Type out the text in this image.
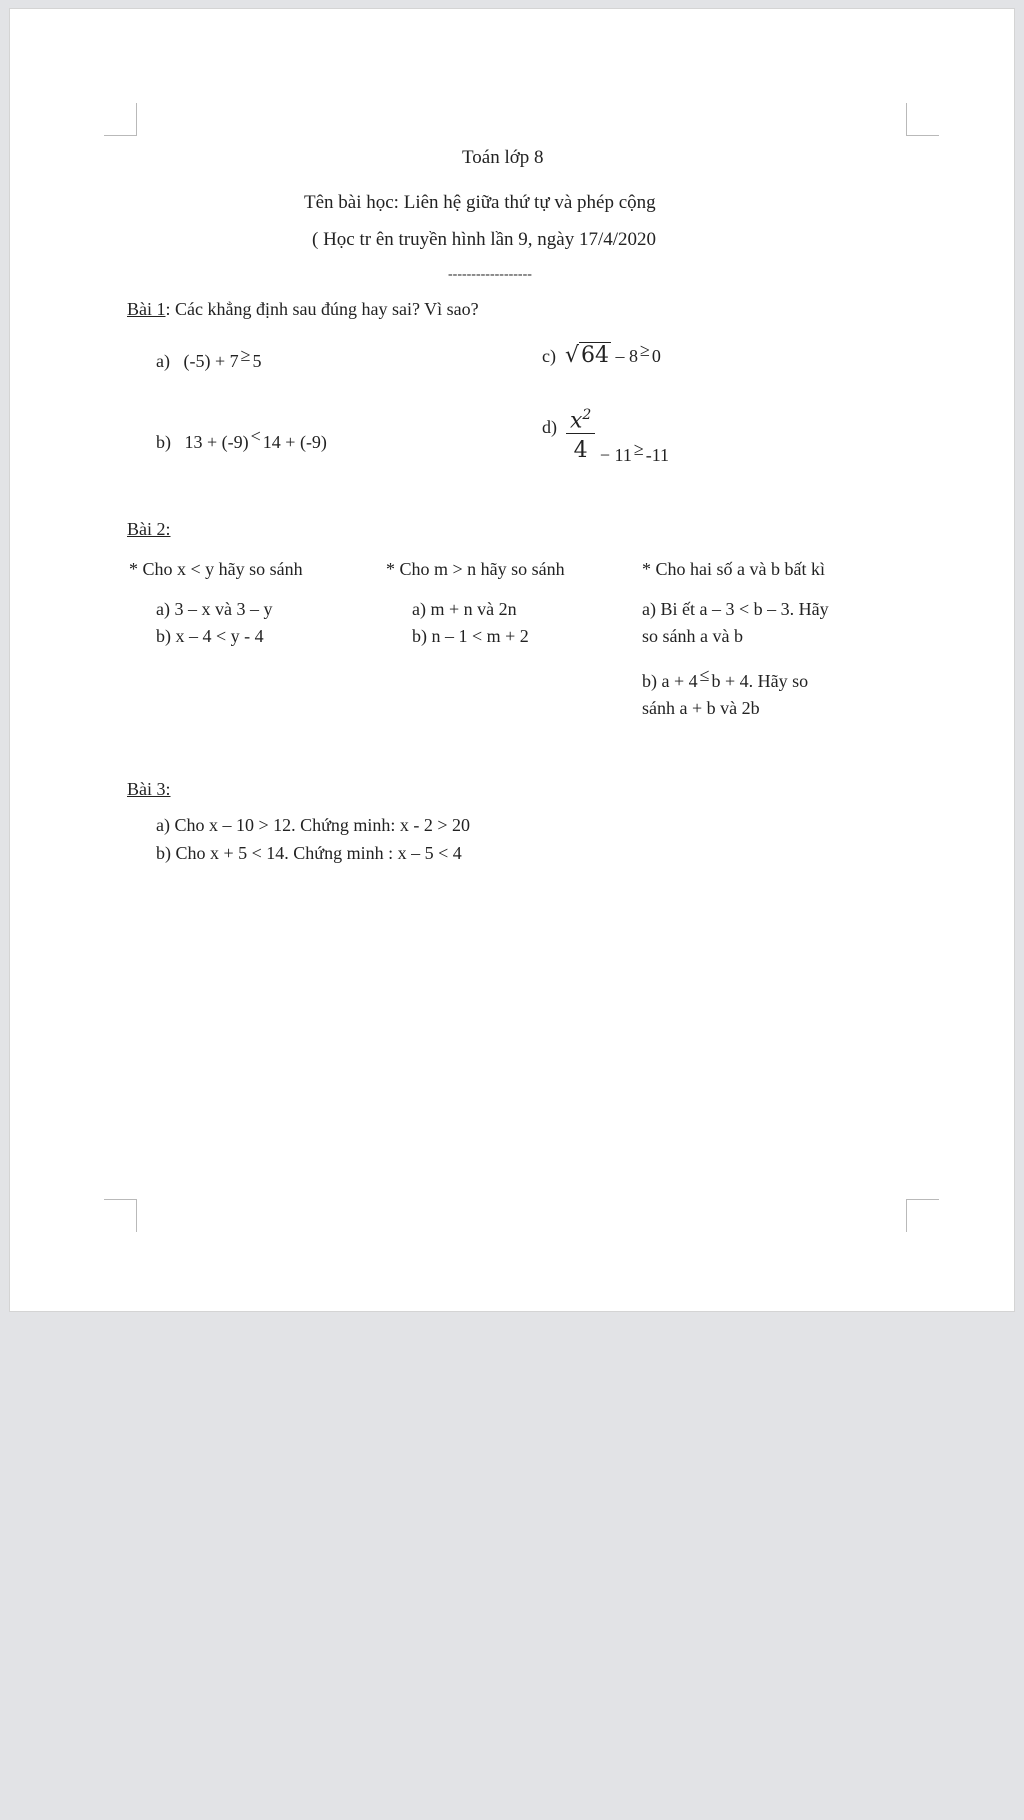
Toán lớp 8
Tên bài học: Liên hệ giữa thứ tự và phép cộng
( Học tr ên truyền hình lần 9, ngày 17/4/2020
------------------
Bài 1: Các khẳng định sau đúng hay sai? Vì sao?
a) (-5) + 7 ≥ 5
b) 13 + (-9) < 14 + (-9)
c) √64 – 8 ≥ 0
$d) \frac{x^2}{4} - 11 \ge -11$
Bài 2:
* Cho x < y hãy so sánh
a) 3 – x và 3 – y
b) x – 4 < y - 4
* Cho m > n hãy so sánh
a) m + n và 2n
b) n – 1 < m + 2
* Cho hai số a và b bất kì
a) Bi ết a – 3 < b – 3. Hãy
so sánh a và b
b) a + 4 ≤ b + 4. Hãy so
sánh a + b và 2b
Bài 3:
a) Cho x – 10 > 12. Chứng minh: x - 2 > 20
b) Cho x + 5 < 14. Chứng minh : x – 5 < 4
